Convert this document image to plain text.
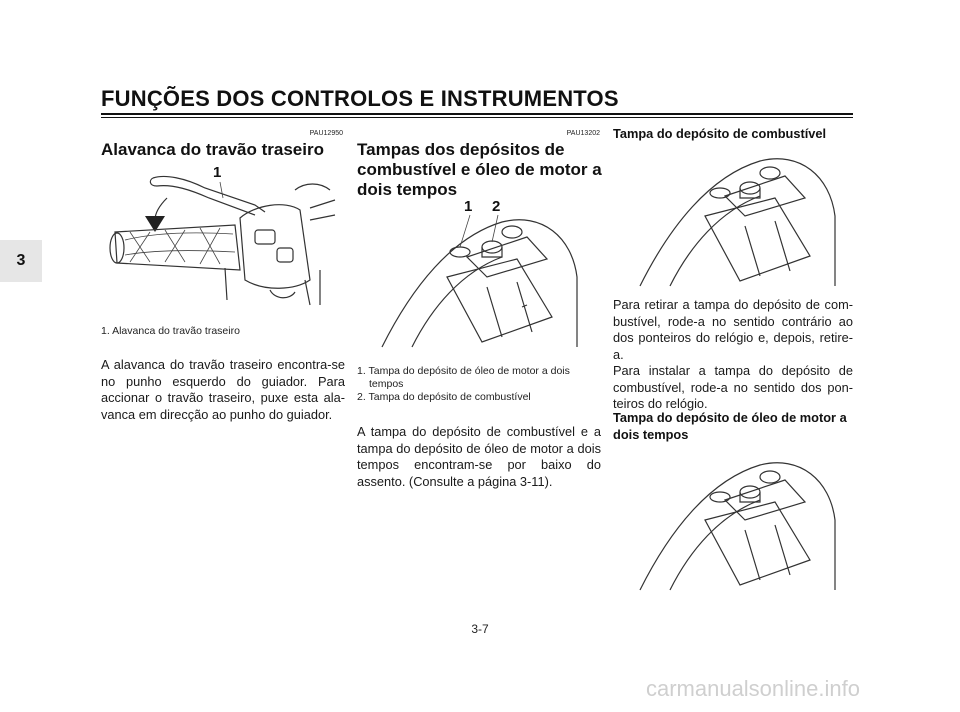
FUNÇÕES DOS CONTROLOS E INSTRUMENTOS
3
PAU12950
Alavanca do travão traseiro
1

1. Alavanca do travão traseiro

A alavanca do travão traseiro encontra-se no punho esquerdo do guiador. Para accionar o travão traseiro, puxe esta ala-vanca em direcção ao punho do guiador.
PAU13202
Tampas dos depósitos de
combustível e óleo de motor a
dois tempos
1 2

1. Tampa do depósito de óleo de motor a dois

tempos

2. Tampa do depósito de combustível

A tampa do depósito de combustível e a tampa do depósito de óleo de motor a dois tempos encontram-se por baixo do assento. (Consulte a página 3-11).
Tampa do depósito de combustível

Para retirar a tampa do depósito de com-bustível, rode-a no sentido contrário ao dos ponteiros do relógio e, depois, retire-a.

Para instalar a tampa do depósito de combustível, rode-a no sentido dos pon-teiros do relógio.

Tampa do depósito de óleo de motor a
dois tempos
3-7
carmanualsonline.info
